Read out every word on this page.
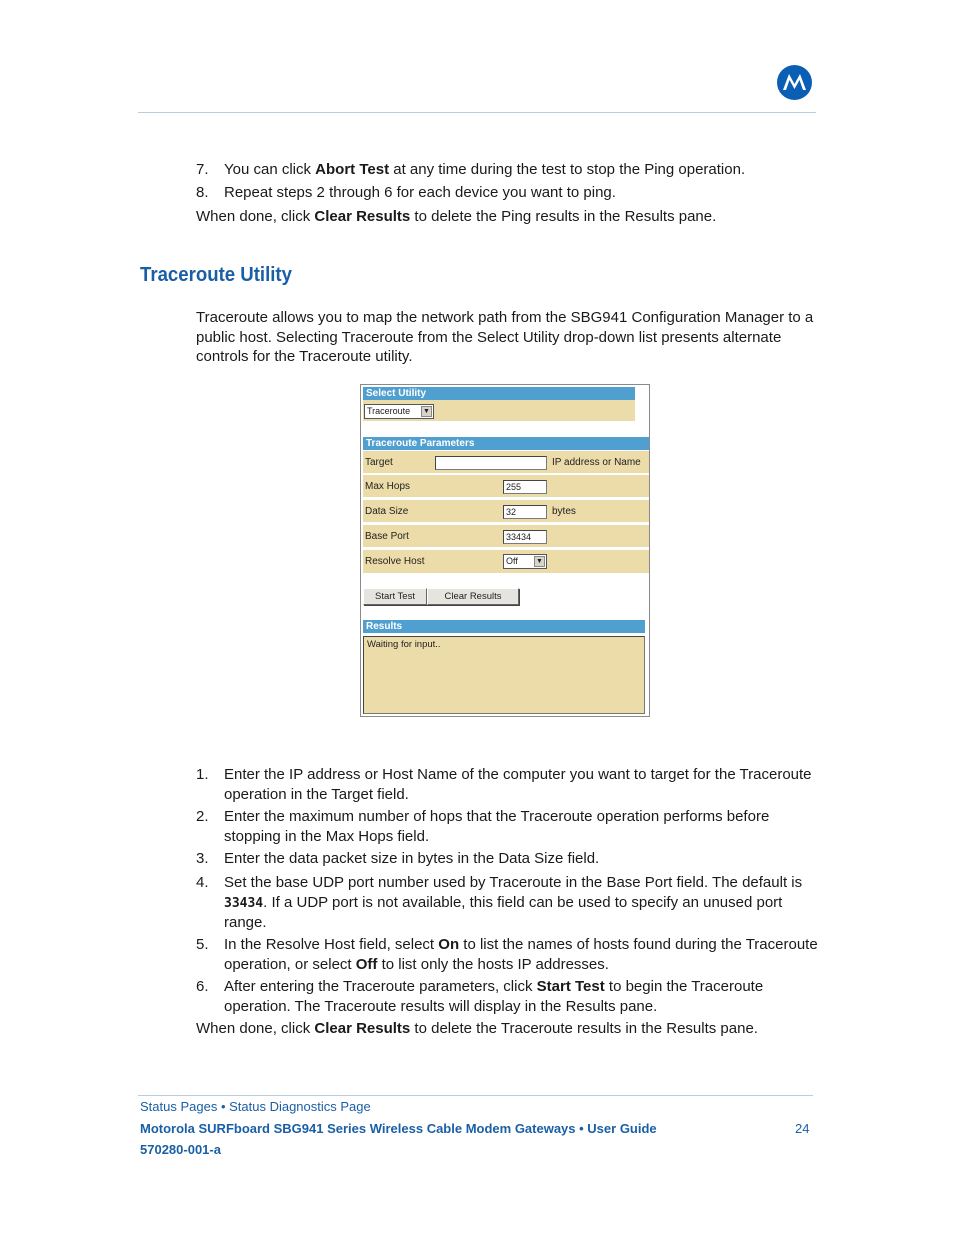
7.	You can click Abort Test at any time during the test to stop the Ping operation.
8.	Repeat steps 2 through 6 for each device you want to ping.
When done, click Clear Results to delete the Ping results in the Results pane.
Traceroute Utility
Traceroute allows you to map the network path from the SBG941 Configuration Manager to a public host. Selecting Traceroute from the Select Utility drop-down list presents alternate controls for the Traceroute utility.
Select Utility
Traceroute ▼
Traceroute Parameters
Target	IP address or Name
Max Hops	255
Data Size	32	bytes
Base Port	33434
Resolve Host	Off	▼
Start Test	Clear Results
Results
Waiting for input..
1.	Enter the IP address or Host Name of the computer you want to target for the Traceroute operation in the Target field.
2.	Enter the maximum number of hops that the Traceroute operation performs before stopping in the Max Hops field.
3.	Enter the data packet size in bytes in the Data Size field.
4.	Set the base UDP port number used by Traceroute in the Base Port field. The default is 33434. If a UDP port is not available, this field can be used to specify an unused port range.
5.	In the Resolve Host field, select On to list the names of hosts found during the Traceroute operation, or select Off to list only the hosts IP addresses.
6.	After entering the Traceroute parameters, click Start Test to begin the Traceroute operation. The Traceroute results will display in the Results pane.
When done, click Clear Results to delete the Traceroute results in the Results pane.
Status Pages • Status Diagnostics Page
Motorola SURFboard SBG941 Series Wireless Cable Modem Gateways • User Guide
570280-001-a
24
